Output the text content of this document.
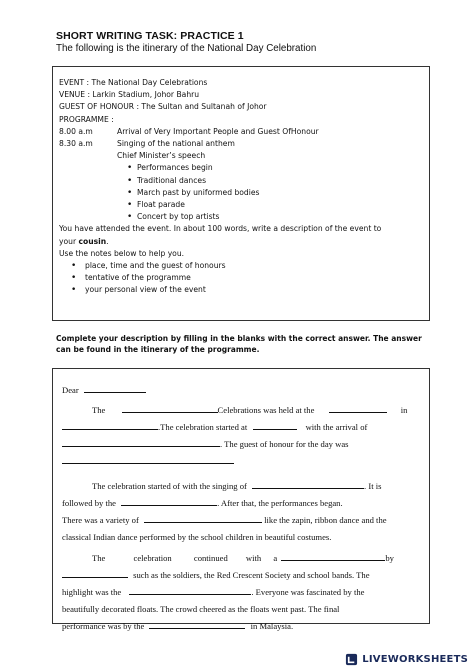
SHORT WRITING TASK: PRACTICE 1
The following is the itinerary of the National Day Celebration
EVENT : The National Day Celebrations
VENUE : Larkin Stadium, Johor Bahru
GUEST OF HONOUR : The Sultan and Sultanah of Johor
PROGRAMME :
8.00 a.m	Arrival of Very Important People and Guest OfHonour
8.30 a.m	Singing of the national anthem
Chief Minister’s speech
• Performances begin
• Traditional dances
• March past by uniformed bodies
• Float parade
• Concert by top artists
You have attended the event. In about 100 words, write a description of the event to
your cousin.
Use the notes below to help you.
• place, time and the guest of honours
• tentative of the programme
• your personal view of the event
Complete your description by filling in the blanks with the correct answer. The answer can be found in the itinerary of the programme.
Dear
The	Celebrations was held at the	in
.The celebration started at	with the arrival of
. The guest of honour for the day was
The celebration started of with the singing of	. It is
followed by the	. After that, the performances began.
There was a variety of	like the zapin, ribbon dance and the
classical Indian dance performed by the school children in beautiful costumes.
The	celebration	continued with a	by
such as the soldiers, the Red Crescent Society and school bands. The
highlight was the	. Everyone was fascinated by the
beautifully decorated floats. The crowd cheered as the floats went past. The final
performance was by the	in Malaysia.
LIVEWORKSHEETS
